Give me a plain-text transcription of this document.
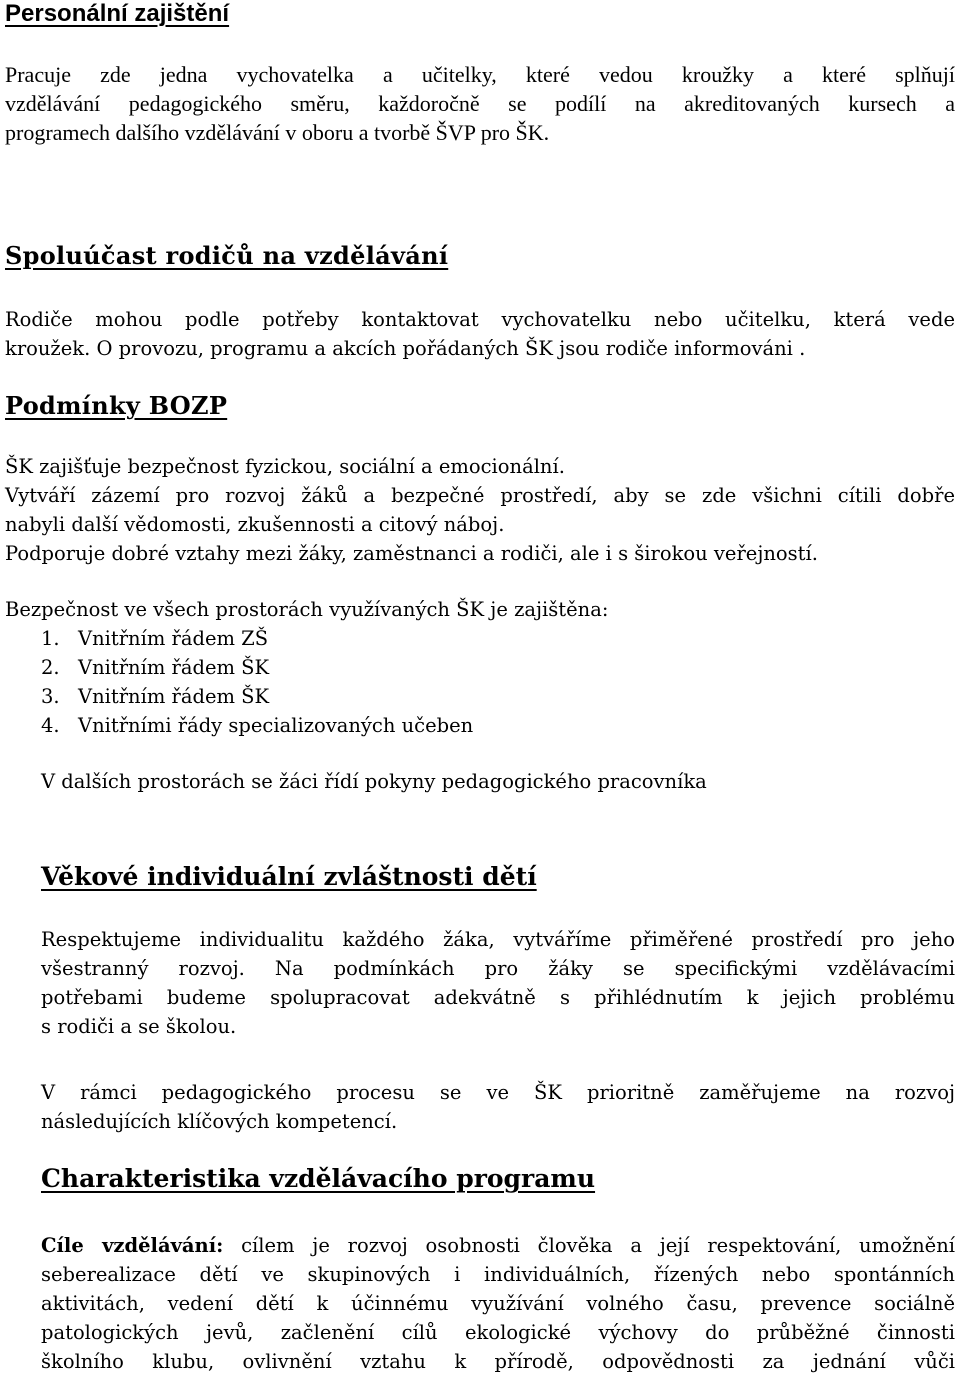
Personální zajištění
Pracuje zde jedna vychovatelka a učitelky, které vedou kroužky a které splňují
vzdělávání pedagogického směru, každoročně se podílí na akreditovaných kursech a
programech dalšího vzdělávání v oboru a tvorbě ŠVP pro ŠK.
Spoluúčast rodičů na vzdělávání
Rodiče mohou podle potřeby kontaktovat vychovatelku nebo učitelku, která vede
kroužek. O provozu, programu a akcích pořádaných ŠK jsou rodiče informováni .
Podmínky BOZP
ŠK zajišťuje bezpečnost fyzickou, sociální a emocionální.
Vytváří zázemí pro rozvoj žáků a bezpečné prostředí, aby se zde všichni cítili dobře
nabyli další vědomosti, zkušennosti a citový náboj.
Podporuje dobré vztahy mezi žáky, zaměstnanci a rodiči, ale i s širokou veřejností.

Bezpečnost ve všech prostorách využívaných ŠK je zajištěna:

1. Vnitřním řádem ZŠ
2. Vnitřním řádem ŠK
3. Vnitřním řádem ŠK
4. Vnitřními řády specializovaných učeben

V dalších prostorách se žáci řídí pokyny pedagogického pracovníka

Věkové individuální zvláštnosti dětí
Respektujeme individualitu každého žáka, vytváříme přiměřené prostředí pro jeho
všestranný rozvoj. Na podmínkách pro žáky se specifickými vzdělávacími
potřebami budeme spolupracovat adekvátně s přihlédnutím k jejich problému
s rodiči a se školou.
V rámci pedagogického procesu se ve ŠK prioritně zaměřujeme na rozvoj
následujících klíčových kompetencí.
Charakteristika vzdělávacího programu
Cíle vzdělávání: cílem je rozvoj osobnosti člověka a její respektování, umožnění
seberealizace dětí ve skupinových i individuálních, řízených nebo spontánních
aktivitách, vedení dětí k účinnému využívání volného času, prevence sociálně
patologických jevů, začlenění cílů ekologické výchovy do průběžné činnosti
školního klubu, ovlivnění vztahu k přírodě, odpovědnosti za jednání vůči
